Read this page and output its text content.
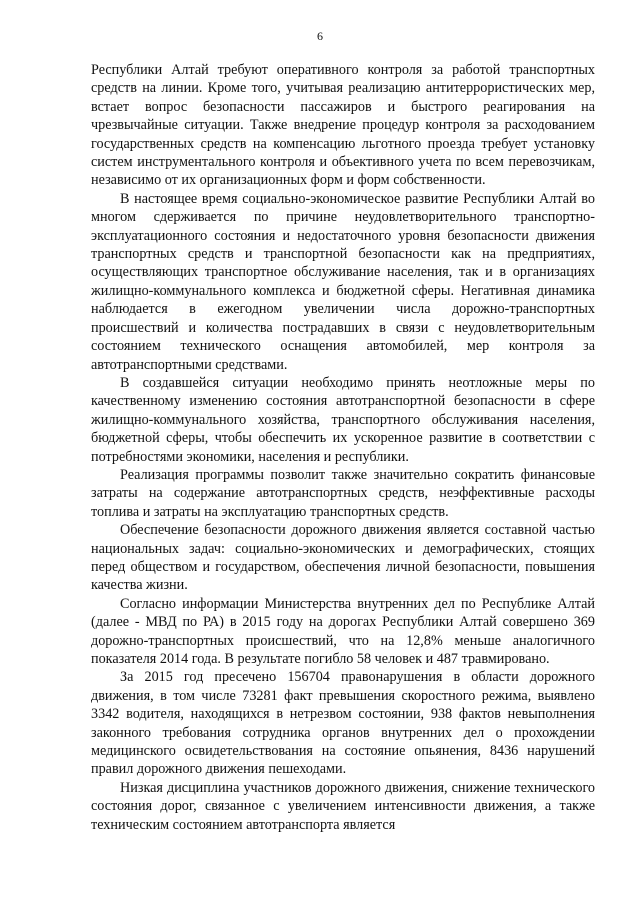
6

Республики Алтай требуют оперативного контроля за работой транспортных средств на линии. Кроме того, учитывая реализацию антитеррористических мер, встает вопрос безопасности пассажиров и быстрого реагирования на чрезвычайные ситуации. Также внедрение процедур контроля за расходованием государственных средств на компенсацию льготного проезда требует установку систем инструментального контроля и объективного учета по всем перевозчикам, независимо от их организационных форм и форм собственности.

В настоящее время социально-экономическое развитие Республики Алтай во многом сдерживается по причине неудовлетворительного транспортно-эксплуатационного состояния и недостаточного уровня безопасности движения транспортных средств и транспортной безопасности как на предприятиях, осуществляющих транспортное обслуживание населения, так и в организациях жилищно-коммунального комплекса и бюджетной сферы. Негативная динамика наблюдается в ежегодном увеличении числа дорожно-транспортных происшествий и количества пострадавших в связи с неудовлетворительным состоянием технического оснащения автомобилей, мер контроля за автотранспортными средствами.

В создавшейся ситуации необходимо принять неотложные меры по качественному изменению состояния автотранспортной безопасности в сфере жилищно-коммунального хозяйства, транспортного обслуживания населения, бюджетной сферы, чтобы обеспечить их ускоренное развитие в соответствии с потребностями экономики, населения и республики.

Реализация программы позволит также значительно сократить финансовые затраты на содержание автотранспортных средств, неэффективные расходы топлива и затраты на эксплуатацию транспортных средств.

Обеспечение безопасности дорожного движения является составной частью национальных задач: социально-экономических и демографических, стоящих перед обществом и государством, обеспечения личной безопасности, повышения качества жизни.

Согласно информации Министерства внутренних дел по Республике Алтай (далее - МВД по РА) в 2015 году на дорогах Республики Алтай совершено 369 дорожно-транспортных происшествий, что на 12,8% меньше аналогичного показателя 2014 года. В результате погибло 58 человек и 487 травмировано.

За 2015 год пресечено 156704 правонарушения в области дорожного движения, в том числе 73281 факт превышения скоростного режима, выявлено 3342 водителя, находящихся в нетрезвом состоянии, 938 фактов невыполнения законного требования сотрудника органов внутренних дел о прохождении медицинского освидетельствования на состояние опьянения, 8436 нарушений правил дорожного движения пешеходами.

Низкая дисциплина участников дорожного движения, снижение технического состояния дорог, связанное с увеличением интенсивности движения, а также техническим состоянием автотранспорта является
